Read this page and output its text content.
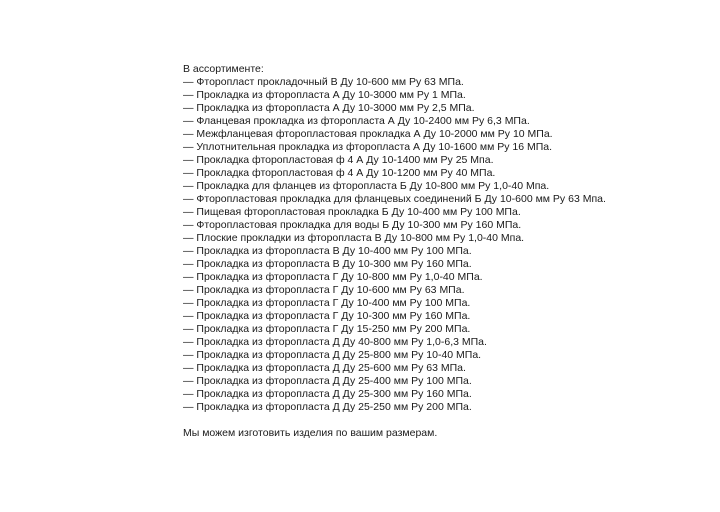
В ассортименте:
— Фторопласт прокладочный В Ду 10-600 мм Ру 63 МПа.
— Прокладка из фторопласта А Ду 10-3000 мм Ру 1 МПа.
— Прокладка из фторопласта А Ду 10-3000 мм Ру 2,5 МПа.
— Фланцевая прокладка из фторопласта А Ду 10-2400 мм Ру 6,3 МПа.
— Межфланцевая фторопластовая прокладка А Ду 10-2000 мм Ру 10 МПа.
— Уплотнительная прокладка из фторопласта А Ду 10-1600 мм Ру 16 МПа.
— Прокладка фторопластовая ф 4 А Ду 10-1400 мм Ру 25 Мпа.
— Прокладка фторопластовая ф 4 А Ду 10-1200 мм Ру 40 МПа.
— Прокладка для фланцев из фторопласта Б Ду 10-800 мм Ру 1,0-40 Мпа.
— Фторопластовая прокладка для фланцевых соединений Б Ду 10-600 мм Ру 63 Мпа.
— Пищевая фторопластовая прокладка Б Ду 10-400 мм Ру 100 МПа.
— Фторопластовая прокладка для воды Б Ду 10-300 мм Ру 160 МПа.
— Плоские прокладки из фторопласта В Ду 10-800 мм Ру 1,0-40 Мпа.
— Прокладка из фторопласта В Ду 10-400 мм Ру 100 МПа.
— Прокладка из фторопласта В Ду 10-300 мм Ру 160 МПа.
— Прокладка из фторопласта Г Ду 10-800 мм Ру 1,0-40 МПа.
— Прокладка из фторопласта Г Ду 10-600 мм Ру 63 МПа.
— Прокладка из фторопласта Г Ду 10-400 мм Ру 100 МПа.
— Прокладка из фторопласта Г Ду 10-300 мм Ру 160 МПа.
— Прокладка из фторопласта Г Ду 15-250 мм Ру 200 МПа.
— Прокладка из фторопласта Д Ду 40-800 мм Ру 1,0-6,3 МПа.
— Прокладка из фторопласта Д Ду 25-800 мм Ру 10-40 МПа.
— Прокладка из фторопласта Д Ду 25-600 мм Ру 63 МПа.
— Прокладка из фторопласта Д Ду 25-400 мм Ру 100 МПа.
— Прокладка из фторопласта Д Ду 25-300 мм Ру 160 МПа.
— Прокладка из фторопласта Д Ду 25-250 мм Ру 200 МПа.
Мы можем изготовить изделия по вашим размерам.
